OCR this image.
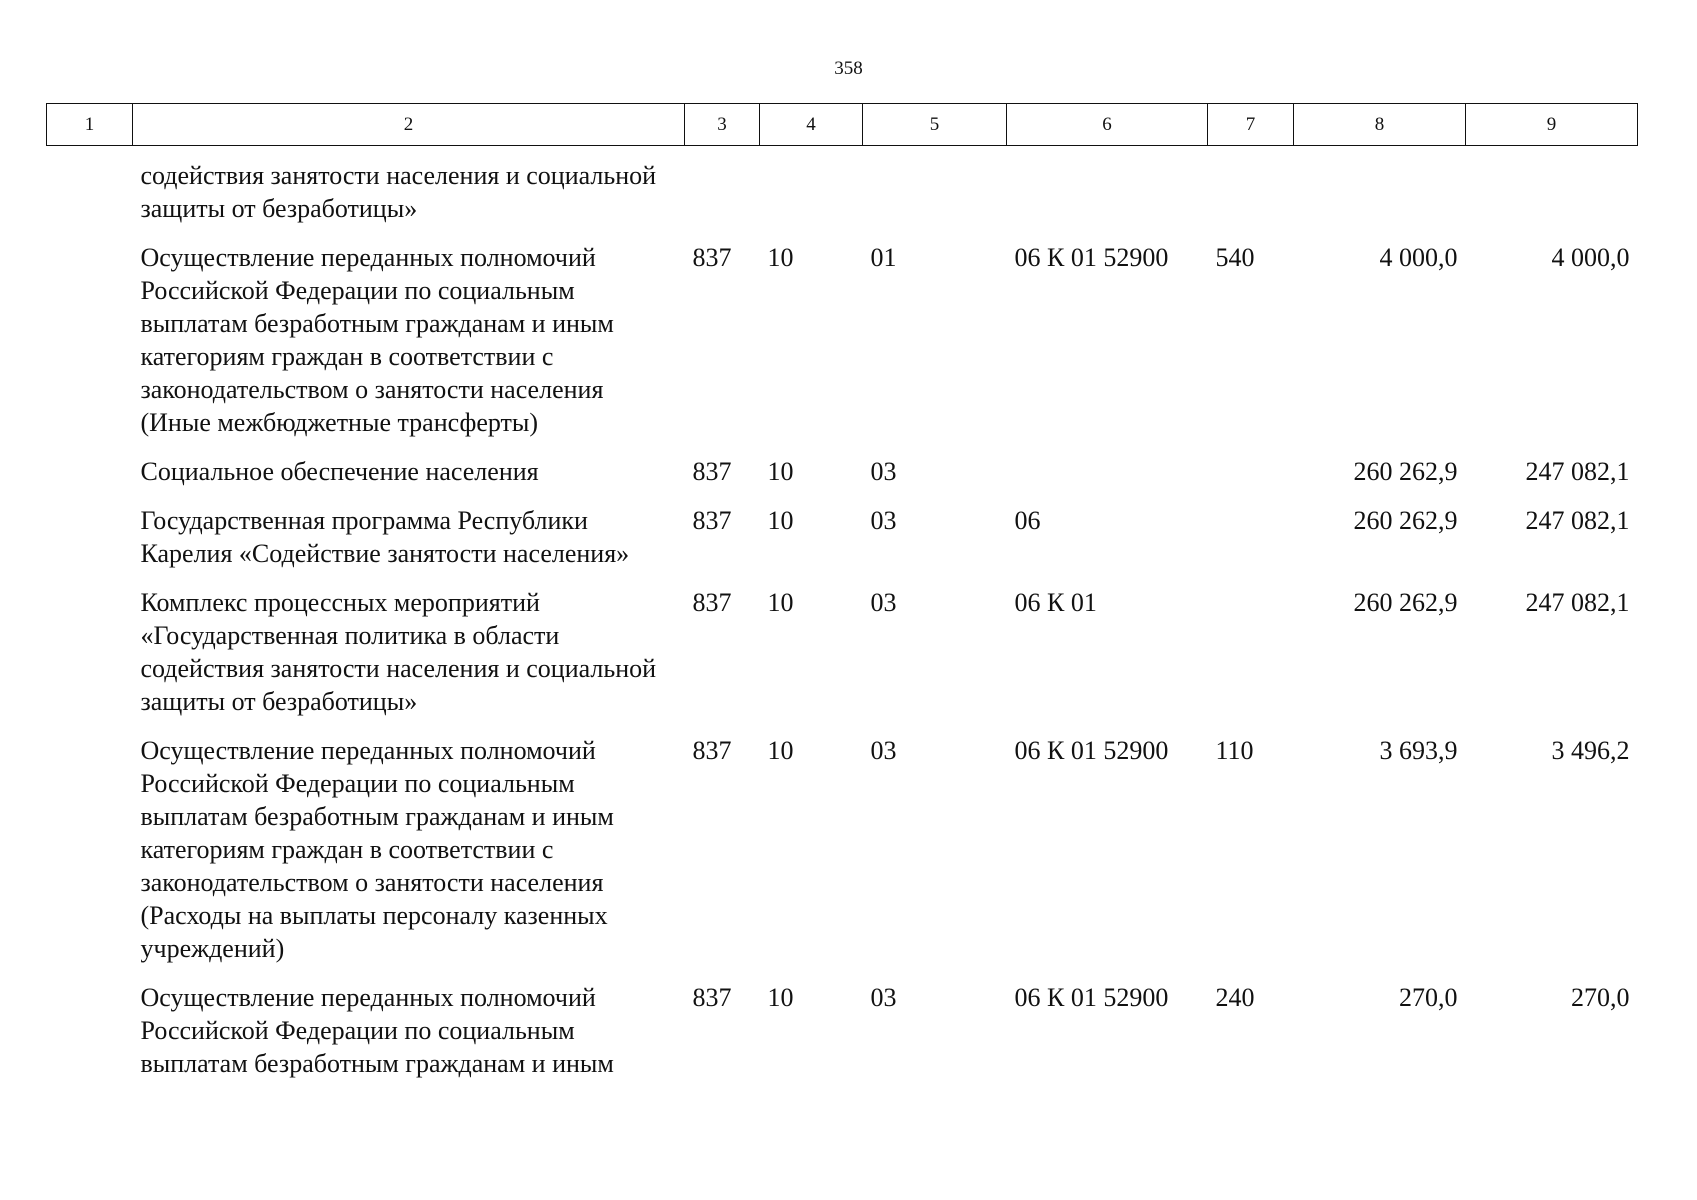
358
1	2	3	4	5	6	7	8	9
	содействия занятости населения и социальной защиты от безработицы»							
	Осуществление переданных полномочий Российской Федерации по социальным выплатам безработным гражданам и иным категориям граждан в соответствии с законодательством о занятости населения (Иные межбюджетные трансферты)	837	10	01	06 К 01 52900	540	4 000,0	4 000,0
	Социальное обеспечение населения	837	10	03			260 262,9	247 082,1
	Государственная программа Республики Карелия «Содействие занятости населения»	837	10	03	06		260 262,9	247 082,1
	Комплекс процессных мероприятий «Государственная политика в области содействия занятости населения и социальной защиты от безработицы»	837	10	03	06 К 01		260 262,9	247 082,1
	Осуществление переданных полномочий Российской Федерации по социальным выплатам безработным гражданам и иным категориям граждан в соответствии с законодательством о занятости населения (Расходы на выплаты персоналу казенных учреждений)	837	10	03	06 К 01 52900	110	3 693,9	3 496,2
	Осуществление переданных полномочий Российской Федерации по социальным выплатам безработным гражданам и иным	837	10	03	06 К 01 52900	240	270,0	270,0
